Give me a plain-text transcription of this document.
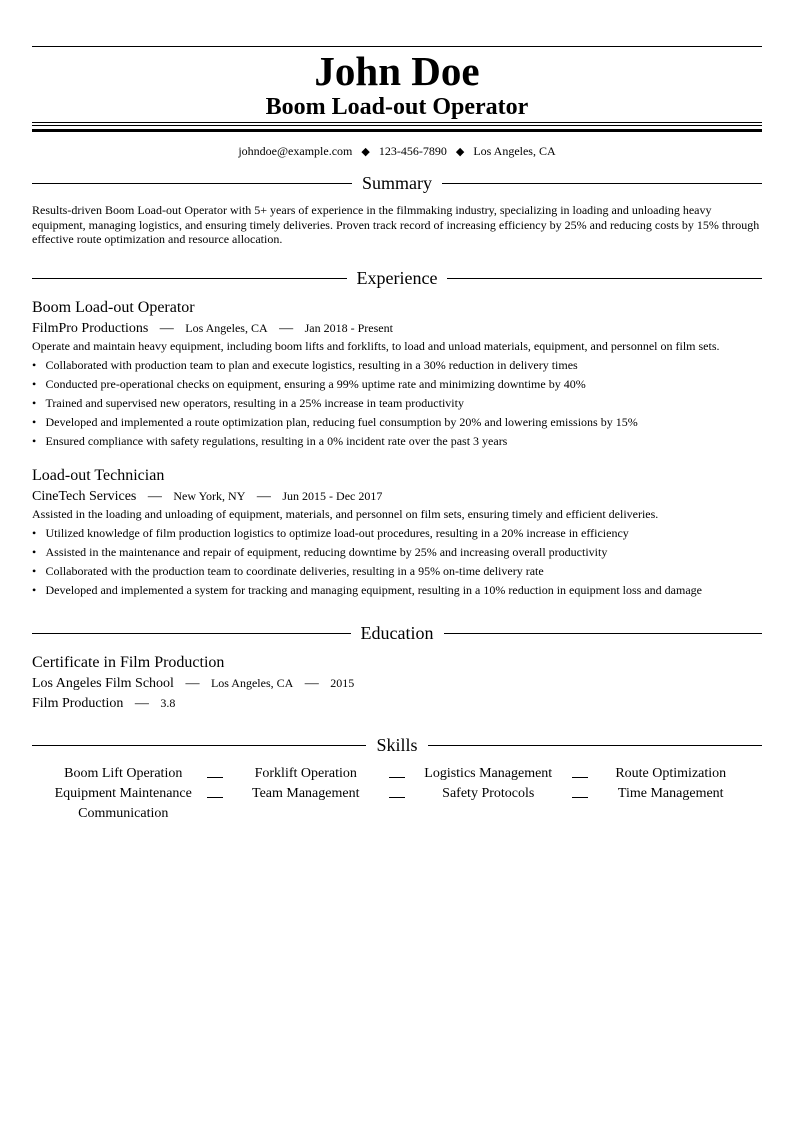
John Doe
Boom Load-out Operator
johndoe@example.com ◆ 123-456-7890 ◆ Los Angeles, CA
Summary
Results-driven Boom Load-out Operator with 5+ years of experience in the filmmaking industry, specializing in loading and unloading heavy equipment, managing logistics, and ensuring timely deliveries. Proven track record of increasing efficiency by 25% and reducing costs by 15% through effective route optimization and resource allocation.
Experience
Boom Load-out Operator
FilmPro Productions — Los Angeles, CA — Jan 2018 - Present
Operate and maintain heavy equipment, including boom lifts and forklifts, to load and unload materials, equipment, and personnel on film sets.
• Collaborated with production team to plan and execute logistics, resulting in a 30% reduction in delivery times
• Conducted pre-operational checks on equipment, ensuring a 99% uptime rate and minimizing downtime by 40%
• Trained and supervised new operators, resulting in a 25% increase in team productivity
• Developed and implemented a route optimization plan, reducing fuel consumption by 20% and lowering emissions by 15%
• Ensured compliance with safety regulations, resulting in a 0% incident rate over the past 3 years
Load-out Technician
CineTech Services — New York, NY — Jun 2015 - Dec 2017
Assisted in the loading and unloading of equipment, materials, and personnel on film sets, ensuring timely and efficient deliveries.
• Utilized knowledge of film production logistics to optimize load-out procedures, resulting in a 20% increase in efficiency
• Assisted in the maintenance and repair of equipment, reducing downtime by 25% and increasing overall productivity
• Collaborated with the production team to coordinate deliveries, resulting in a 95% on-time delivery rate
• Developed and implemented a system for tracking and managing equipment, resulting in a 10% reduction in equipment loss and damage
Education
Certificate in Film Production
Los Angeles Film School — Los Angeles, CA — 2015
Film Production — 3.8
Skills
Boom Lift Operation	Forklift Operation	Logistics Management	Route Optimization
Equipment Maintenance	Team Management	Safety Protocols	Time Management
Communication
